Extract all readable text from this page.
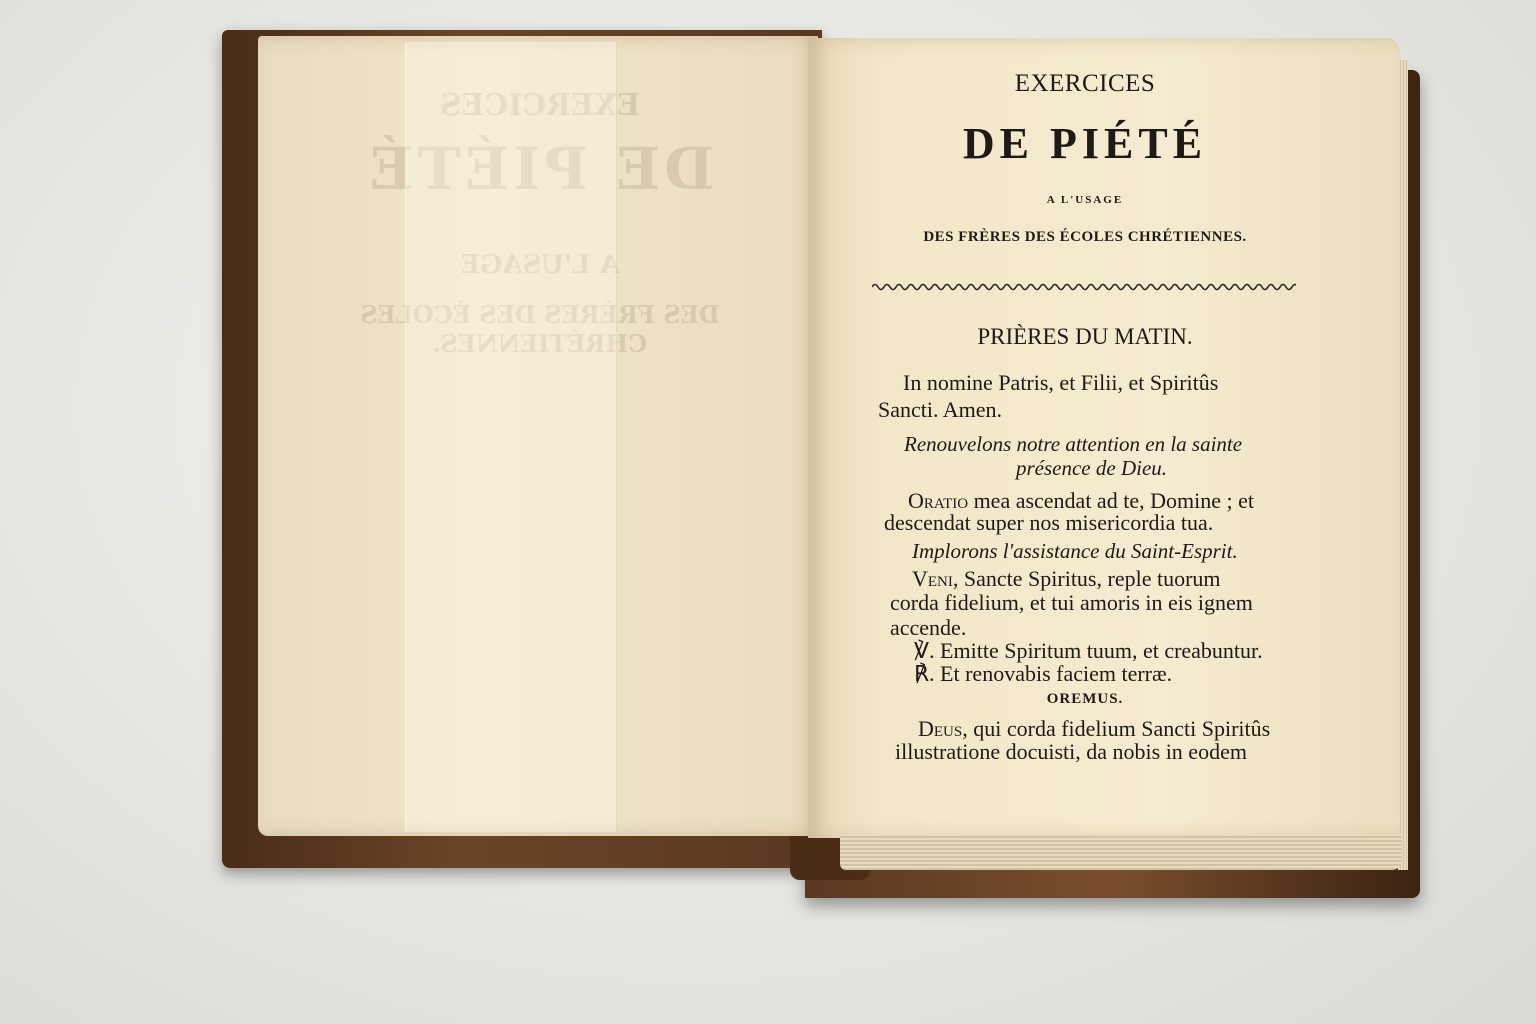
EXERCICES
DE PIÉTÉ
A L'USAGE
DES FRÈRES DES ÉCOLES CHRÉTIENNES.
EXERCICES
DE PIÉTÉ
A L'USAGE
DES FRÈRES DES ÉCOLES CHRÉTIENNES.
PRIÈRES DU MATIN.
In nomine Patris, et Filii, et Spiritûs
Sancti. Amen.
Renouvelons notre attention en la sainte
présence de Dieu.
Oratio mea ascendat ad te, Domine ; et
descendat super nos misericordia tua.
Implorons l'assistance du Saint-Esprit.
Veni, Sancte Spiritus, reple tuorum
corda fidelium, et tui amoris in eis ignem
accende.
℣. Emitte Spiritum tuum, et creabuntur.
℟. Et renovabis faciem terræ.
OREMUS.
Deus, qui corda fidelium Sancti Spiritûs
illustratione docuisti, da nobis in eodem
